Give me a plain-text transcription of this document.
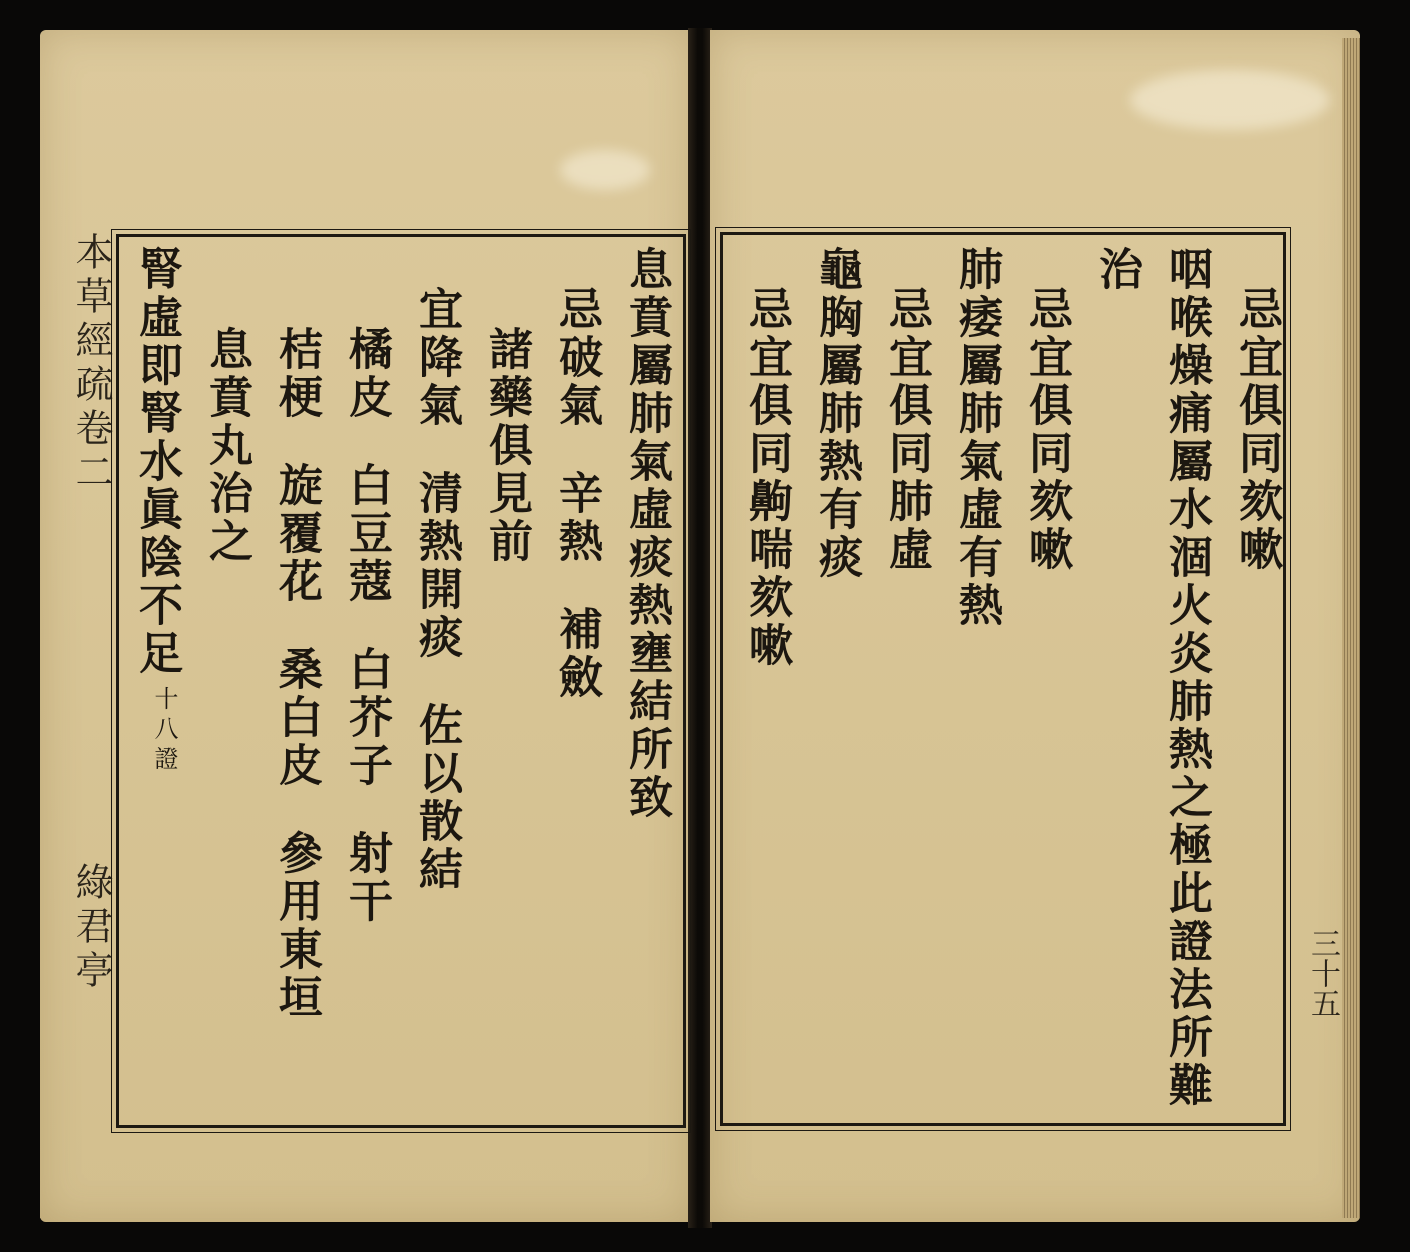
本草經疏卷二
綠君亭
息賁屬肺氣虛痰熱壅結所致
忌破氣辛熱補斂
諸藥俱見前
宜降氣清熱開痰佐以散結
橘皮白豆蔻白芥子射干
桔梗旋覆花桑白皮參用東垣
息賁丸治之
腎虛即腎水眞陰不足
十八證
忌宜俱同欬嗽
咽喉燥痛屬水涸火炎肺熱之極此證法所難
治
忌宜俱同欬嗽
肺痿屬肺氣虛有熱
忌宜俱同肺虛
龜胸屬肺熱有痰
忌宜俱同齁喘欬嗽
三十五
